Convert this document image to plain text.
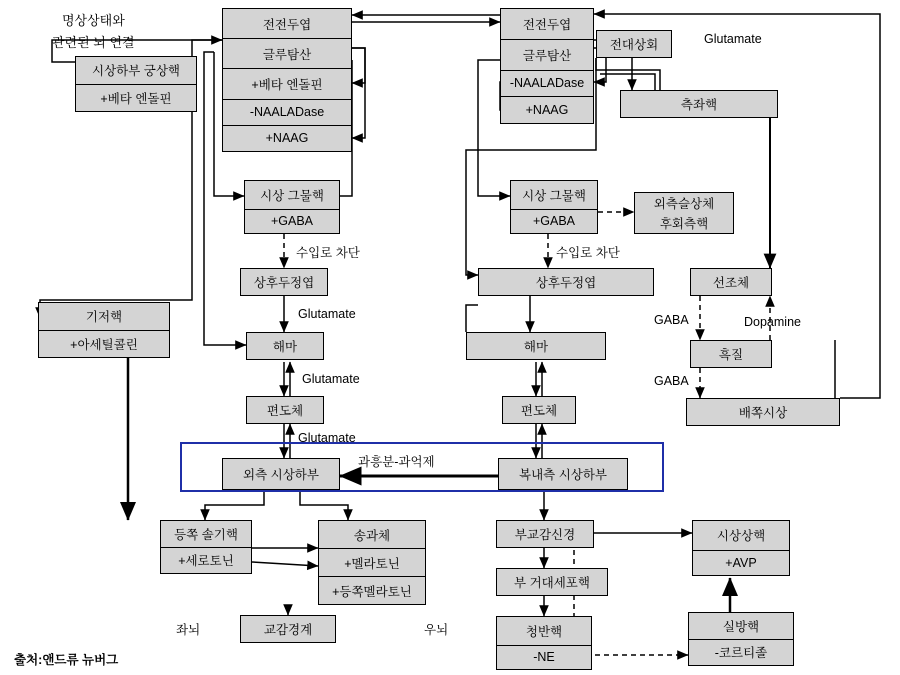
명상상태와
관련된 뇌 연결
시상하부 궁상핵
+베타 엔돌핀
전전두엽
글루탐산
+베타 엔돌핀
-NAALADase
+NAAG
전전두엽
글루탐산
-NAALADase
+NAAG
전대상회
측좌핵
시상 그물핵
+GABA
시상 그물핵
+GABA
외측슬상체
후회측핵
기저핵
+아세틸콜린
상후두정엽	상후두정엽	선조체
흑질
배쪽시상
해마	해마
편도체	편도체
외측 시상하부	복내측 시상하부
등쪽 솔기핵
+세로토닌
송과체
+멜라토닌
+등쪽멜라토닌
부교감신경	시상상핵
+AVP
부 거대세포핵
실방핵
-코르티졸
청반핵
-NE
교감경계
Glutamate
수입로 차단	수입로 차단
Glutamate
Glutamate
Glutamate
GABA
GABA
Dopamine
과흥분-과억제
좌뇌	우뇌
출처:앤드류 뉴버그
